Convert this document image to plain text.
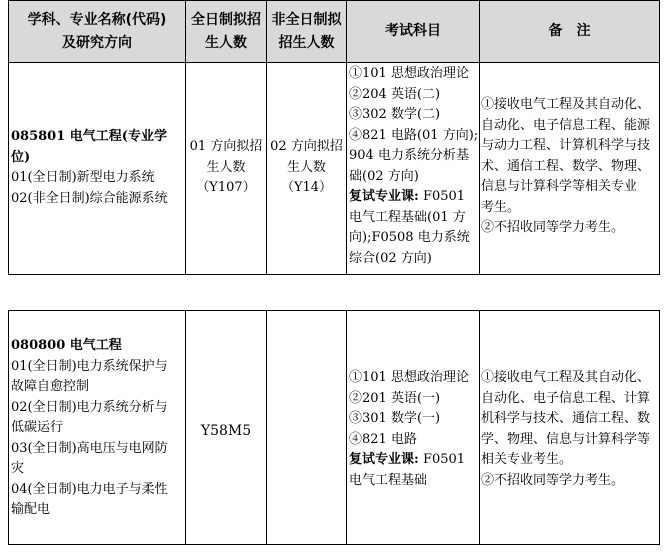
学科、专业名称(代码)
及研究方向
全日制拟招
生人数
非全日制拟
招生人数
考试科目	备　注
085801 电气工程(专业学位)
01(全日制)新型电力系统
02(非全日制)综合能源系统
01 方向拟招
生人数
（Y107）
02 方向拟招
生人数
（Y14）
①101 思想政治理论
②204 英语(二)
③302 数学(二)
④821 电路(01 方向);
904 电力系统分析基
础(02 方向)
复试专业课: F0501
电气工程基础(01 方
向);F0508 电力系统
综合(02 方向)
①接收电气工程及其自动化、
自动化、电子信息工程、能源
与动力工程、计算机科学与技
术、通信工程、数学、物理、
信息与计算科学等相关专业
考生。
②不招收同等学力考生。
080800 电气工程
01(全日制)电力系统保护与
故障自愈控制
02(全日制)电力系统分析与
低碳运行
03(全日制)高电压与电网防
灾
04(全日制)电力电子与柔性
输配电
Y58M5
①101 思想政治理论
②201 英语(一)
③301 数学(一)
④821 电路
复试专业课: F0501
电气工程基础
①接收电气工程及其自动化、
自动化、电子信息工程、计算
机科学与技术、通信工程、数
学、物理、信息与计算科学等
相关专业考生。
②不招收同等学力考生。
